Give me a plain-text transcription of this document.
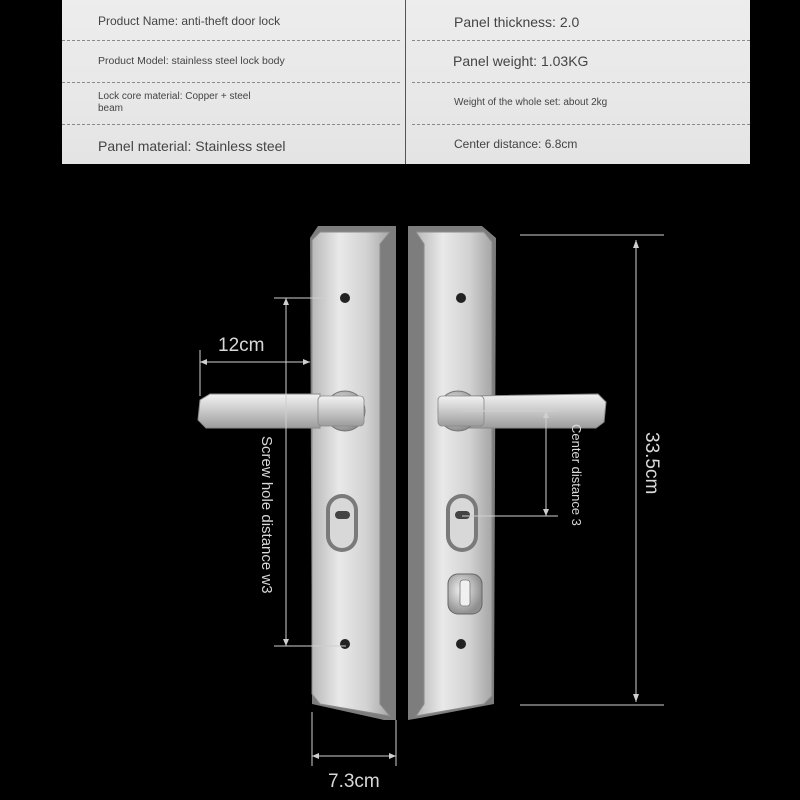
Product Name: anti-theft door lock
Product Model: stainless steel lock body
Lock core material: Copper + steel
beam
Panel material: Stainless steel
Panel thickness: 2.0
Panel weight: 1.03KG
Weight of the whole set: about 2kg
Center distance: 6.8cm
12cm
Screw hole distance w3	Center distance 3	33.5cm
7.3cm
